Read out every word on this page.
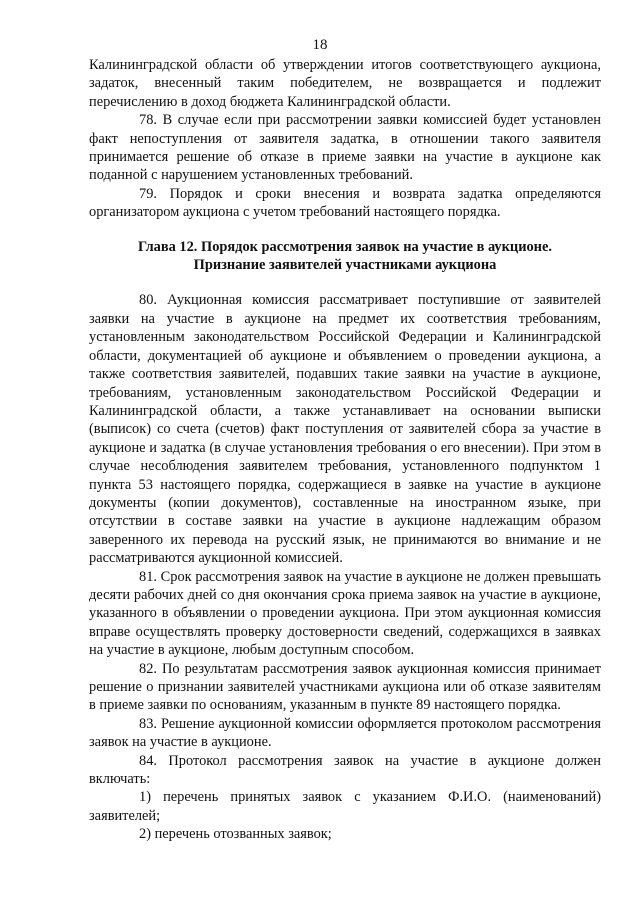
18

Калининградской области об утверждении итогов соответствующего аукциона, задаток, внесенный таким победителем, не возвращается и подлежит перечислению в доход бюджета Калининградской области.

78. В случае если при рассмотрении заявки комиссией будет установлен факт непоступления от заявителя задатка, в отношении такого заявителя принимается решение об отказе в приеме заявки на участие в аукционе как поданной с нарушением установленных требований.

79. Порядок и сроки внесения и возврата задатка определяются организатором аукциона с учетом требований настоящего порядка.

Глава 12. Порядок рассмотрения заявок на участие в аукционе.
Признание заявителей участниками аукциона

80. Аукционная комиссия рассматривает поступившие от заявителей заявки на участие в аукционе на предмет их соответствия требованиям, установленным законодательством Российской Федерации и Калининградской области, документацией об аукционе и объявлением о проведении аукциона, а также соответствия заявителей, подавших такие заявки на участие в аукционе, требованиям, установленным законодательством Российской Федерации и Калининградской области, а также устанавливает на основании выписки (выписок) со счета (счетов) факт поступления от заявителей сбора за участие в аукционе и задатка (в случае установления требования о его внесении). При этом в случае несоблюдения заявителем требования, установленного подпунктом 1 пункта 53 настоящего порядка, содержащиеся в заявке на участие в аукционе документы (копии документов), составленные на иностранном языке, при отсутствии в составе заявки на участие в аукционе надлежащим образом заверенного их перевода на русский язык, не принимаются во внимание и не рассматриваются аукционной комиссией.

81. Срок рассмотрения заявок на участие в аукционе не должен превышать десяти рабочих дней со дня окончания срока приема заявок на участие в аукционе, указанного в объявлении о проведении аукциона. При этом аукционная комиссия вправе осуществлять проверку достоверности сведений, содержащихся в заявках на участие в аукционе, любым доступным способом.

82. По результатам рассмотрения заявок аукционная комиссия принимает решение о признании заявителей участниками аукциона или об отказе заявителям в приеме заявки по основаниям, указанным в пункте 89 настоящего порядка.

83. Решение аукционной комиссии оформляется протоколом рассмотрения заявок на участие в аукционе.

84. Протокол рассмотрения заявок на участие в аукционе должен включать:

1) перечень принятых заявок с указанием Ф.И.О. (наименований) заявителей;

2) перечень отозванных заявок;
